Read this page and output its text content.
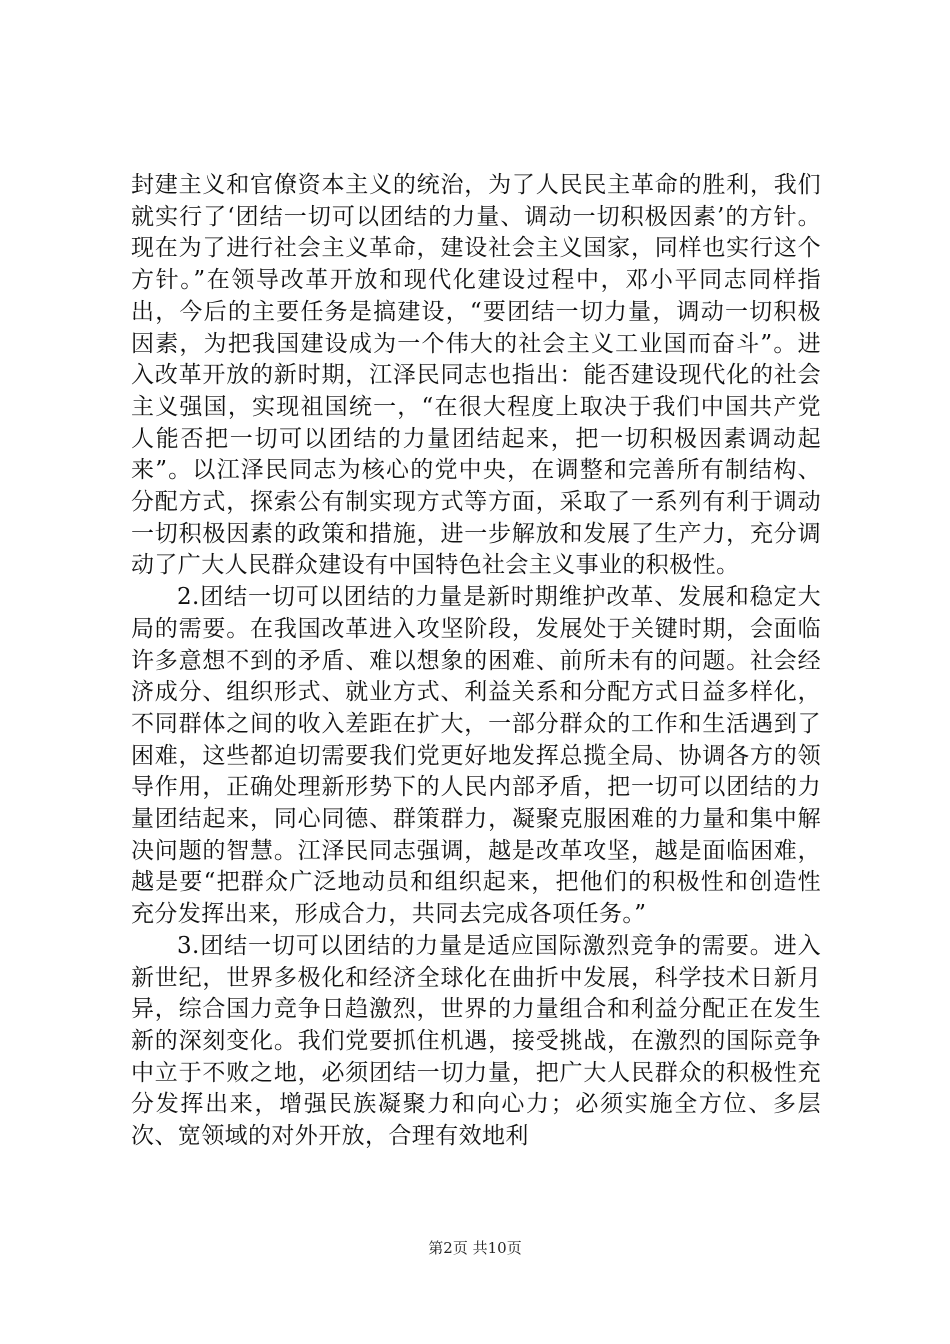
封建主义和官僚资本主义的统治，为了人民民主革命的胜利，我们就实行了‘团结一切可以团结的力量、调动一切积极因素’的方针。现在为了进行社会主义革命，建设社会主义国家，同样也实行这个方针。”在领导改革开放和现代化建设过程中，邓小平同志同样指出，今后的主要任务是搞建设，“要团结一切力量，调动一切积极因素，为把我国建设成为一个伟大的社会主义工业国而奋斗”。进入改革开放的新时期，江泽民同志也指出：能否建设现代化的社会主义强国，实现祖国统一，“在很大程度上取决于我们中国共产党人能否把一切可以团结的力量团结起来，把一切积极因素调动起来”。以江泽民同志为核心的党中央，在调整和完善所有制结构、分配方式，探索公有制实现方式等方面，采取了一系列有利于调动一切积极因素的政策和措施，进一步解放和发展了生产力，充分调动了广大人民群众建设有中国特色社会主义事业的积极性。

2.团结一切可以团结的力量是新时期维护改革、发展和稳定大局的需要。在我国改革进入攻坚阶段，发展处于关键时期，会面临许多意想不到的矛盾、难以想象的困难、前所未有的问题。社会经济成分、组织形式、就业方式、利益关系和分配方式日益多样化，不同群体之间的收入差距在扩大，一部分群众的工作和生活遇到了困难，这些都迫切需要我们党更好地发挥总揽全局、协调各方的领导作用，正确处理新形势下的人民内部矛盾，把一切可以团结的力量团结起来，同心同德、群策群力，凝聚克服困难的力量和集中解决问题的智慧。江泽民同志强调，越是改革攻坚，越是面临困难，越是要“把群众广泛地动员和组织起来，把他们的积极性和创造性充分发挥出来，形成合力，共同去完成各项任务。”

3.团结一切可以团结的力量是适应国际激烈竞争的需要。进入新世纪，世界多极化和经济全球化在曲折中发展，科学技术日新月异，综合国力竞争日趋激烈，世界的力量组合和利益分配正在发生新的深刻变化。我们党要抓住机遇，接受挑战，在激烈的国际竞争中立于不败之地，必须团结一切力量，把广大人民群众的积极性充分发挥出来，增强民族凝聚力和向心力；必须实施全方位、多层次、宽领域的对外开放，合理有效地利

第2页 共10页
